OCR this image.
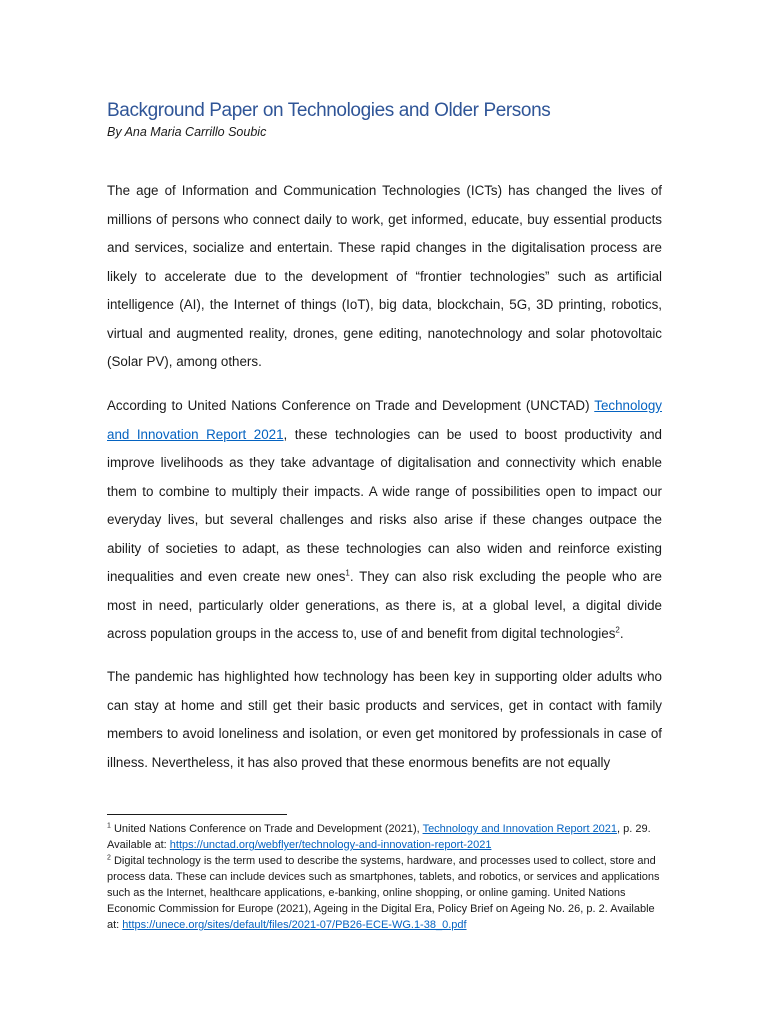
Background Paper on Technologies and Older Persons
By Ana Maria Carrillo Soubic

The age of Information and Communication Technologies (ICTs) has changed the lives of millions of persons who connect daily to work, get informed, educate, buy essential products and services, socialize and entertain. These rapid changes in the digitalisation process are likely to accelerate due to the development of “frontier technologies” such as artificial intelligence (AI), the Internet of things (IoT), big data, blockchain, 5G, 3D printing, robotics, virtual and augmented reality, drones, gene editing, nanotechnology and solar photovoltaic (Solar PV), among others.

According to United Nations Conference on Trade and Development (UNCTAD) Technology and Innovation Report 2021, these technologies can be used to boost productivity and improve livelihoods as they take advantage of digitalisation and connectivity which enable them to combine to multiply their impacts. A wide range of possibilities open to impact our everyday lives, but several challenges and risks also arise if these changes outpace the ability of societies to adapt, as these technologies can also widen and reinforce existing inequalities and even create new ones$^1$. They can also risk excluding the people who are most in need, particularly older generations, as there is, at a global level, a digital divide across population groups in the access to, use of and benefit from digital technologies$^2$.

The pandemic has highlighted how technology has been key in supporting older adults who can stay at home and still get their basic products and services, get in contact with family members to avoid loneliness and isolation, or even get monitored by professionals in case of illness. Nevertheless, it has also proved that these enormous benefits are not equally

$^1$ United Nations Conference on Trade and Development (2021), Technology and Innovation Report 2021, p. 29. Available at: https://unctad.org/webflyer/technology-and-innovation-report-2021

$^2$ Digital technology is the term used to describe the systems, hardware, and processes used to collect, store and process data. These can include devices such as smartphones, tablets, and robotics, or services and applications such as the Internet, healthcare applications, e-banking, online shopping, or online gaming. United Nations Economic Commission for Europe (2021), Ageing in the Digital Era, Policy Brief on Ageing No. 26, p. 2. Available at: https://unece.org/sites/default/files/2021-07/PB26-ECE-WG.1-38_0.pdf
